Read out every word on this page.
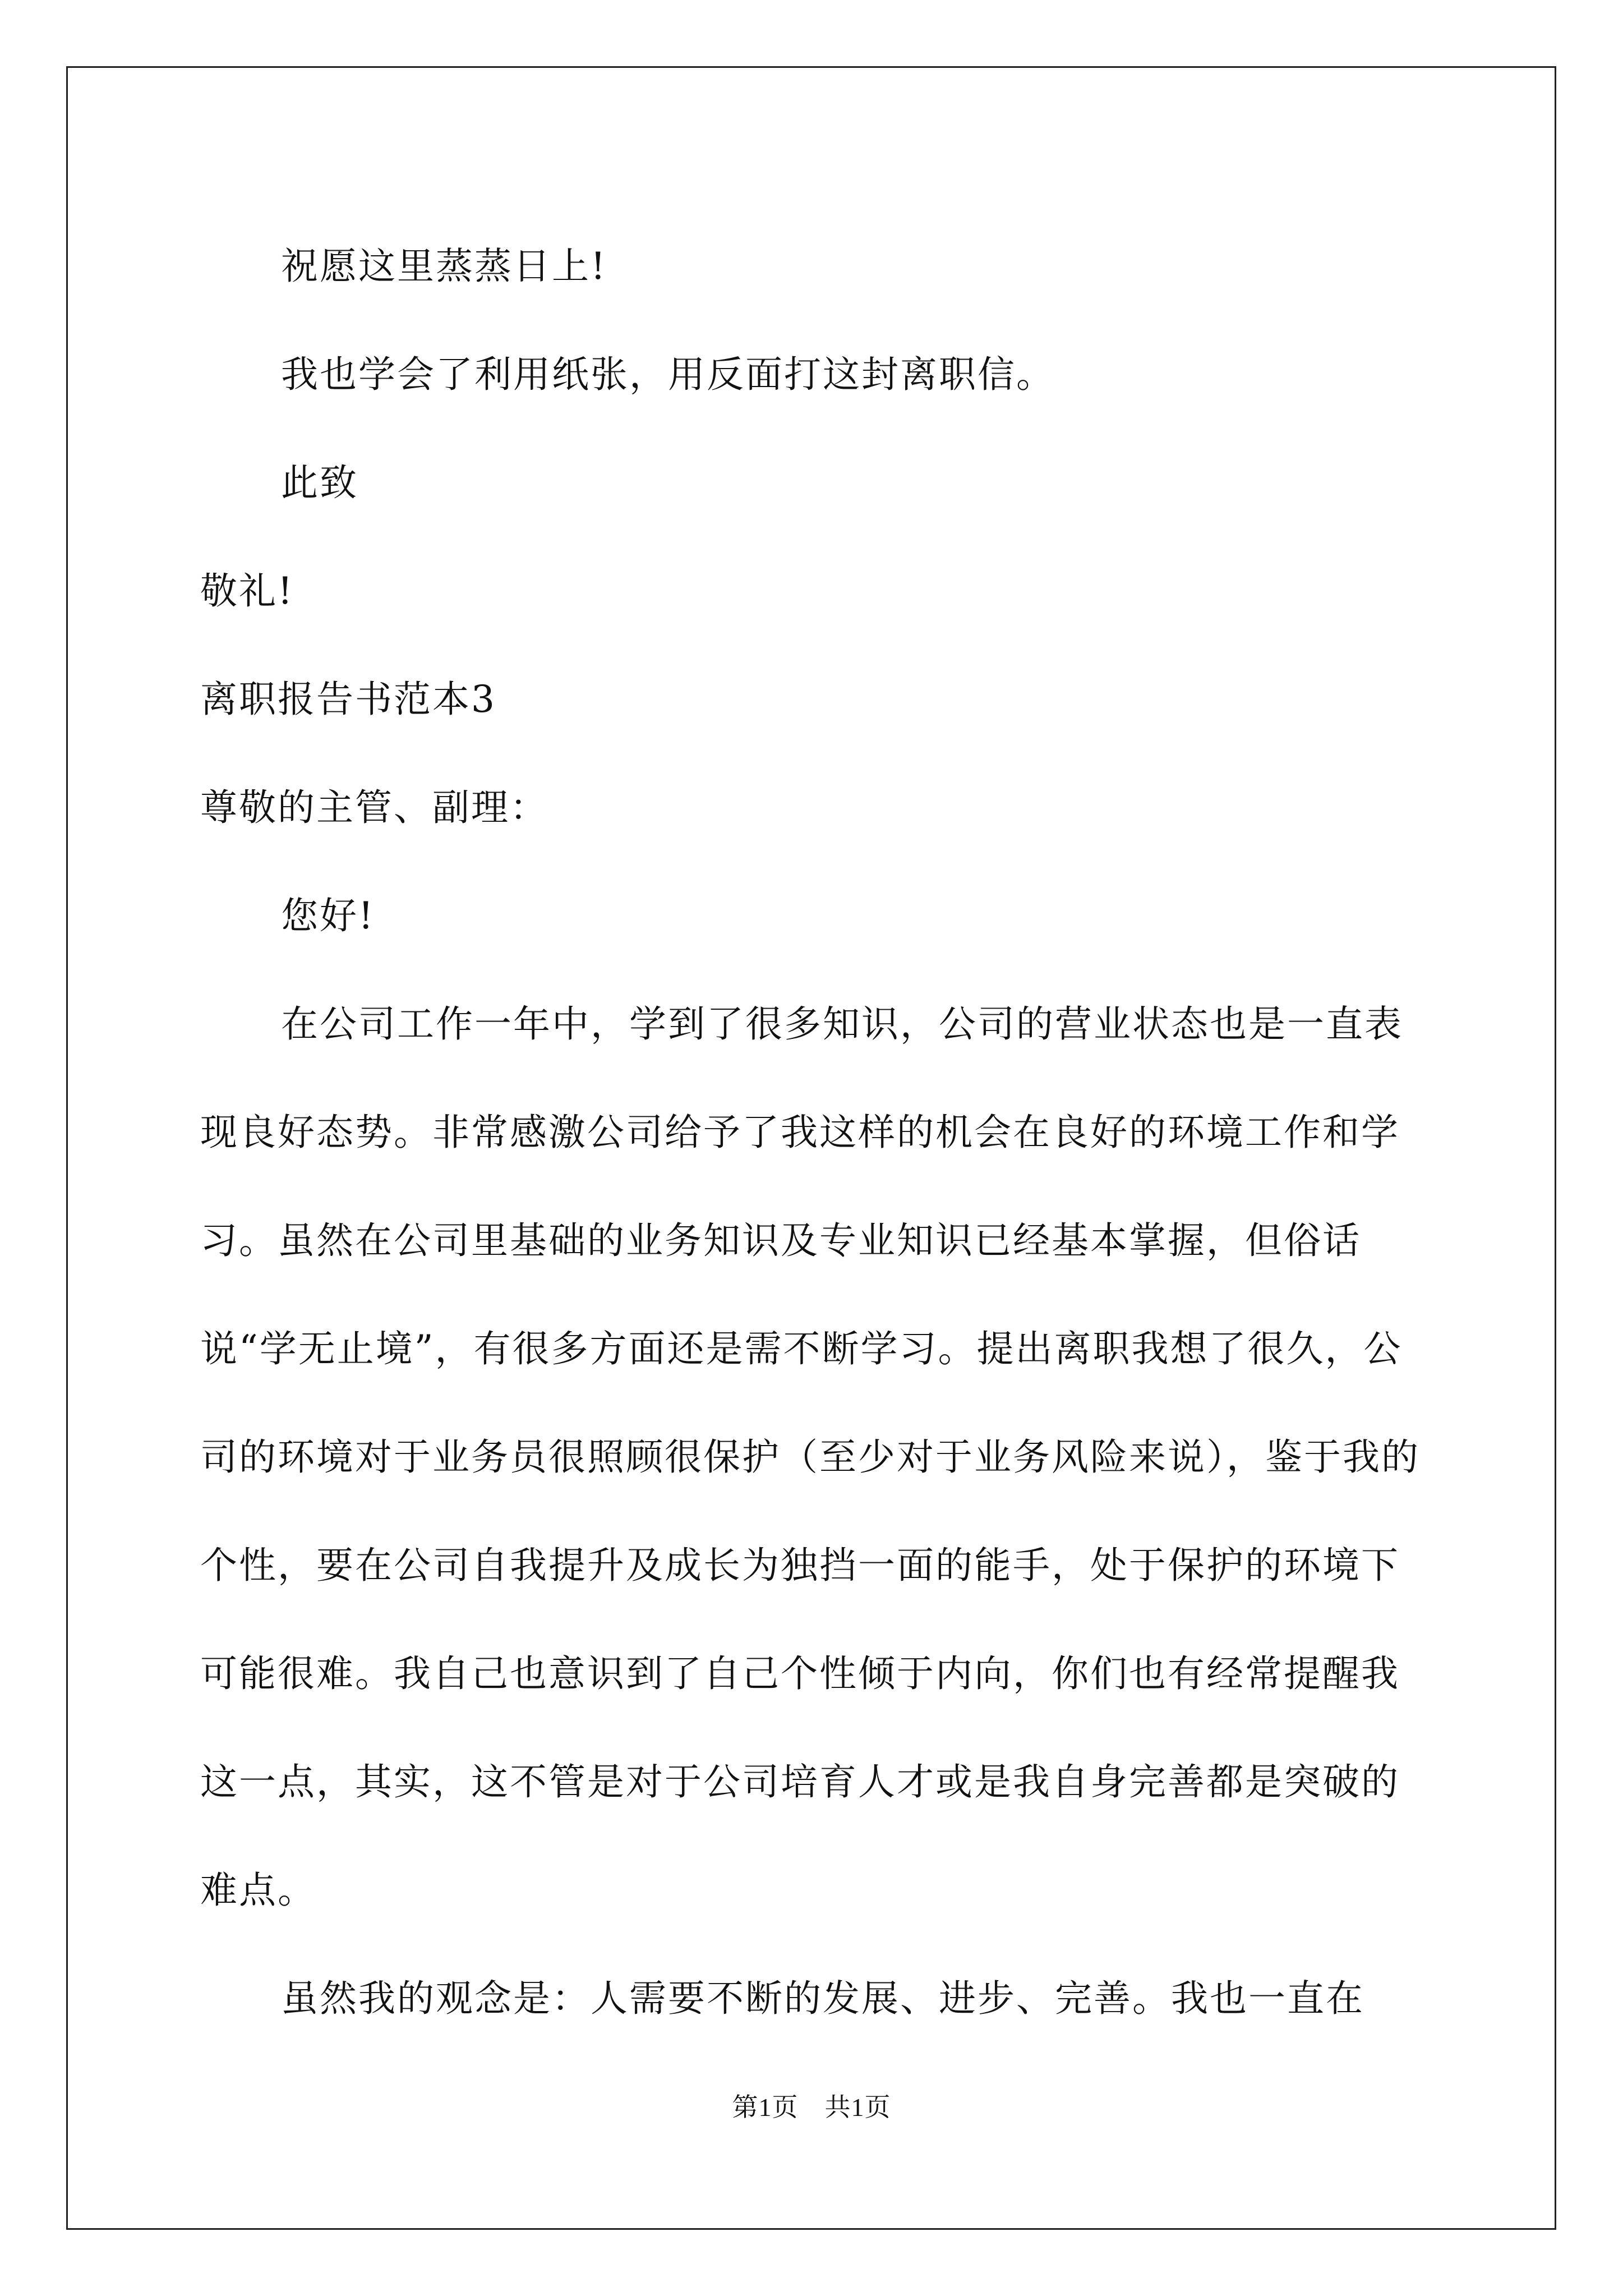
祝愿这里蒸蒸日上!

我也学会了利用纸张，用反面打这封离职信。

此致

敬礼!

离职报告书范本3

尊敬的主管、副理：

您好!

在公司工作一年中，学到了很多知识，公司的营业状态也是一直表现良好态势。非常感激公司给予了我这样的机会在良好的环境工作和学习。虽然在公司里基础的业务知识及专业知识已经基本掌握，但俗话说“学无止境”，有很多方面还是需不断学习。提出离职我想了很久，公司的环境对于业务员很照顾很保护（至少对于业务风险来说），鉴于我的个性，要在公司自我提升及成长为独挡一面的能手，处于保护的环境下可能很难。我自己也意识到了自己个性倾于内向，你们也有经常提醒我这一点，其实，这不管是对于公司培育人才或是我自身完善都是突破的难点。

虽然我的观念是：人需要不断的发展、进步、完善。我也一直在

第1页　共1页
